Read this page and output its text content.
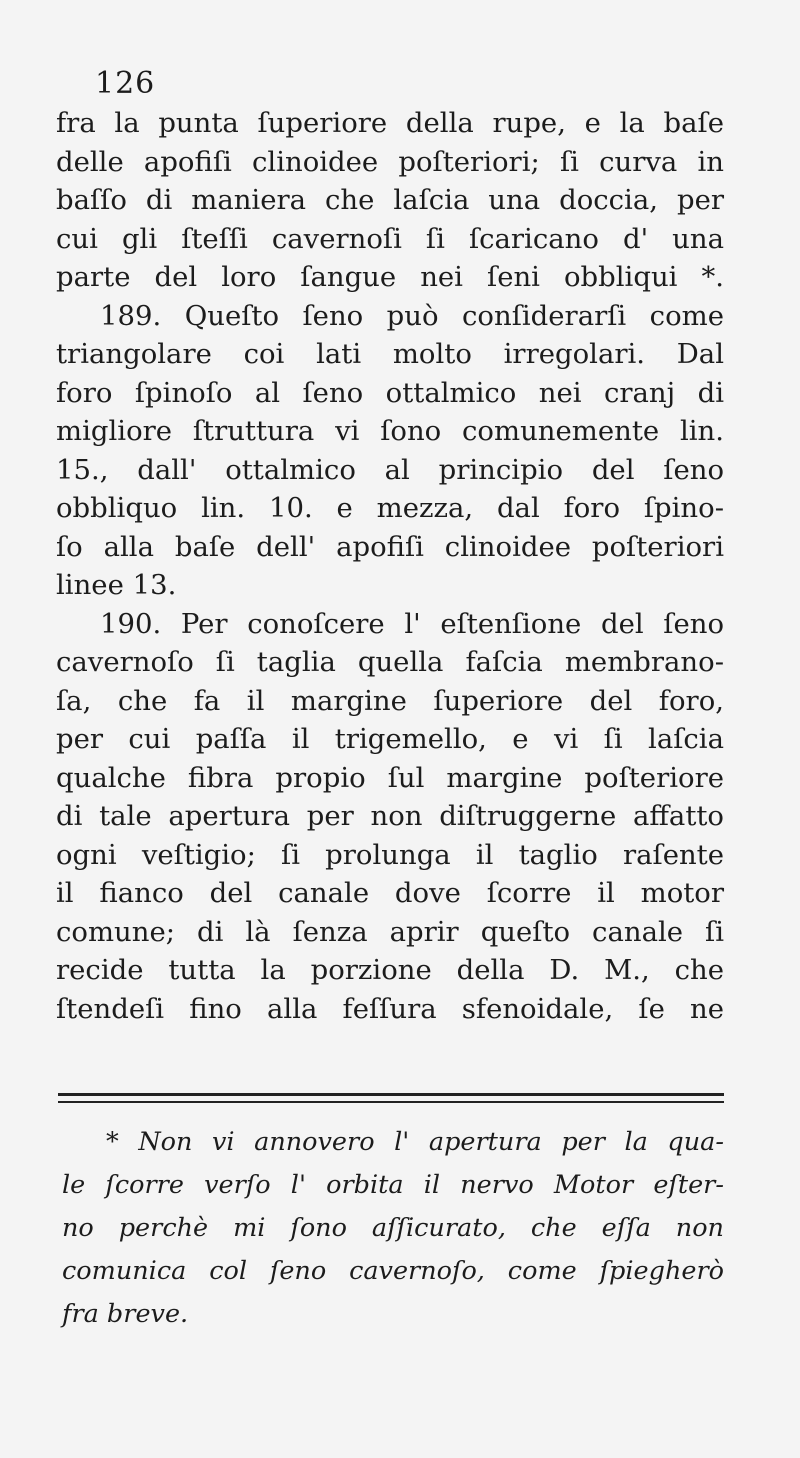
126
fra la punta ſuperiore della rupe, e la baſe
delle apofiſi clinoidee poſteriori; ſi curva in
baſſo di maniera che laſcia una doccia, per
cui gli ſteſſi cavernoſi ſi ſcaricano d' una
parte del loro ſangue nei ſeni obbliqui *.
189. Queſto ſeno può conſiderarſi come
triangolare coi lati molto irregolari. Dal
foro ſpinoſo al ſeno ottalmico nei cranj di
migliore ſtruttura vi ſono comunemente lin.
15., dall' ottalmico al principio del ſeno
obbliquo lin. 10. e mezza, dal foro ſpino-
ſo alla baſe dell' apofiſi clinoidee poſteriori
linee 13.
190. Per conoſcere l' eſtenſione del ſeno
cavernoſo ſi taglia quella faſcia membrano-
ſa, che fa il margine ſuperiore del foro,
per cui paſſa il trigemello, e vi ſi laſcia
qualche fibra propio ſul margine poſteriore
di tale apertura per non diſtruggerne affatto
ogni veſtigio; ſi prolunga il taglio raſente
il fianco del canale dove ſcorre il motor
comune; di là ſenza aprir queſto canale ſi
recide tutta la porzione della D. M., che
ſtendeſi fino alla feſſura sfenoidale, ſe ne
* Non vi annovero l' apertura per la qua-
le ſcorre verſo l' orbita il nervo Motor eſter-
no perchè mi ſono aſſicurato, che eſſa non
comunica col ſeno cavernoſo, come ſpiegherò
fra breve.
